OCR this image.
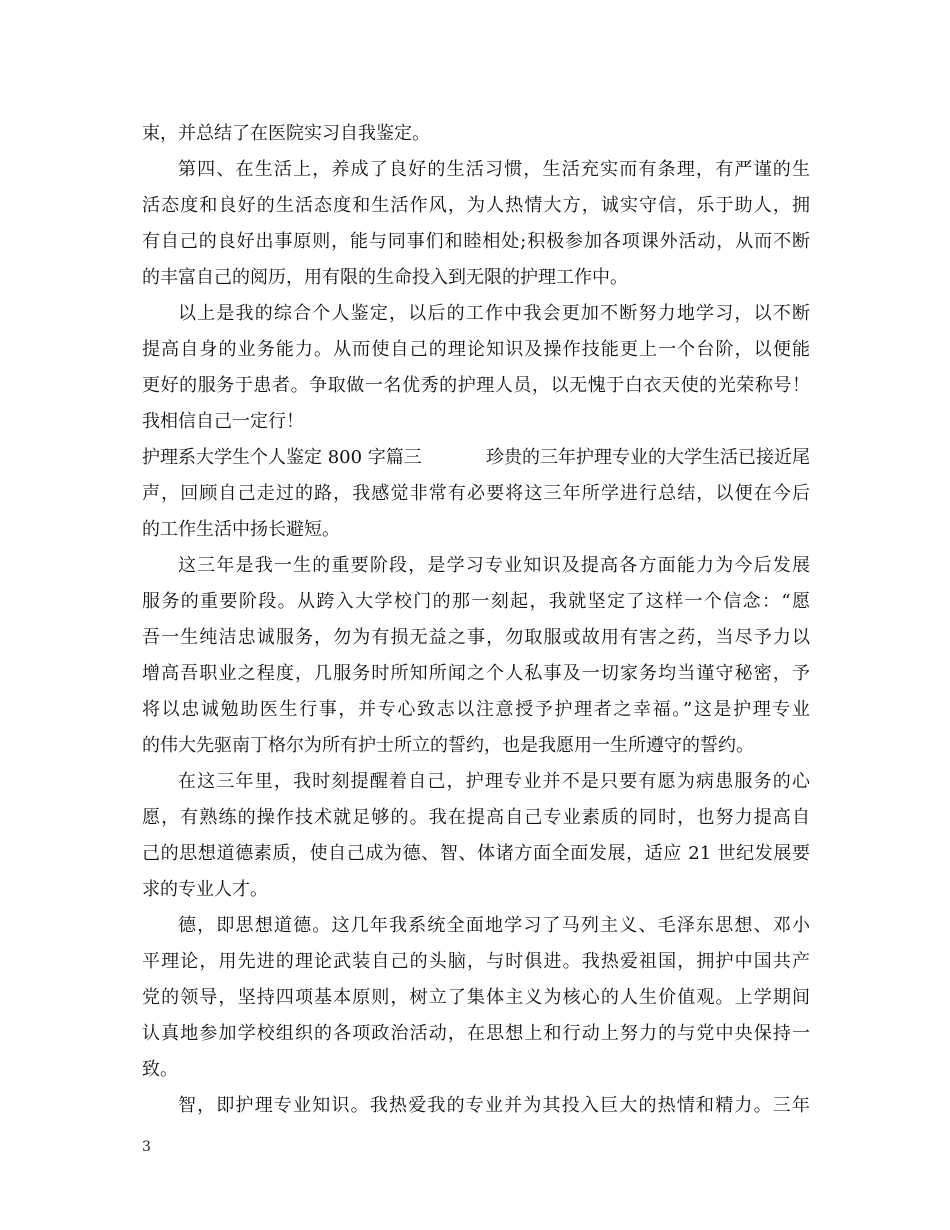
束，并总结了在医院实习自我鉴定。
第四、在生活上，养成了良好的生活习惯，生活充实而有条理，有严谨的生
活态度和良好的生活态度和生活作风，为人热情大方，诚实守信，乐于助人，拥
有自己的良好出事原则，能与同事们和睦相处;积极参加各项课外活动，从而不断
的丰富自己的阅历，用有限的生命投入到无限的护理工作中。
以上是我的综合个人鉴定，以后的工作中我会更加不断努力地学习，以不断
提高自身的业务能力。从而使自己的理论知识及操作技能更上一个台阶，以便能
更好的服务于患者。争取做一名优秀的护理人员，以无愧于白衣天使的光荣称号！
我相信自己一定行！
护理系大学生个人鉴定 800 字篇三	珍贵的三年护理专业的大学生活已接近尾
声，回顾自己走过的路，我感觉非常有必要将这三年所学进行总结，以便在今后
的工作生活中扬长避短。
这三年是我一生的重要阶段，是学习专业知识及提高各方面能力为今后发展
服务的重要阶段。从跨入大学校门的那一刻起，我就坚定了这样一个信念：“愿
吾一生纯洁忠诚服务，勿为有损无益之事，勿取服或故用有害之药，当尽予力以
增高吾职业之程度，几服务时所知所闻之个人私事及一切家务均当谨守秘密，予
将以忠诚勉助医生行事，并专心致志以注意授予护理者之幸福。”这是护理专业
的伟大先驱南丁格尔为所有护士所立的誓约，也是我愿用一生所遵守的誓约。
在这三年里，我时刻提醒着自己，护理专业并不是只要有愿为病患服务的心
愿，有熟练的操作技术就足够的。我在提高自己专业素质的同时，也努力提高自
己的思想道德素质，使自己成为德、智、体诸方面全面发展，适应 21 世纪发展要
求的专业人才。
德，即思想道德。这几年我系统全面地学习了马列主义、毛泽东思想、邓小
平理论，用先进的理论武装自己的头脑，与时俱进。我热爱祖国，拥护中国共产
党的领导，坚持四项基本原则，树立了集体主义为核心的人生价值观。上学期间
认真地参加学校组织的各项政治活动，在思想上和行动上努力的与党中央保持一
致。
智，即护理专业知识。我热爱我的专业并为其投入巨大的热情和精力。三年
3
